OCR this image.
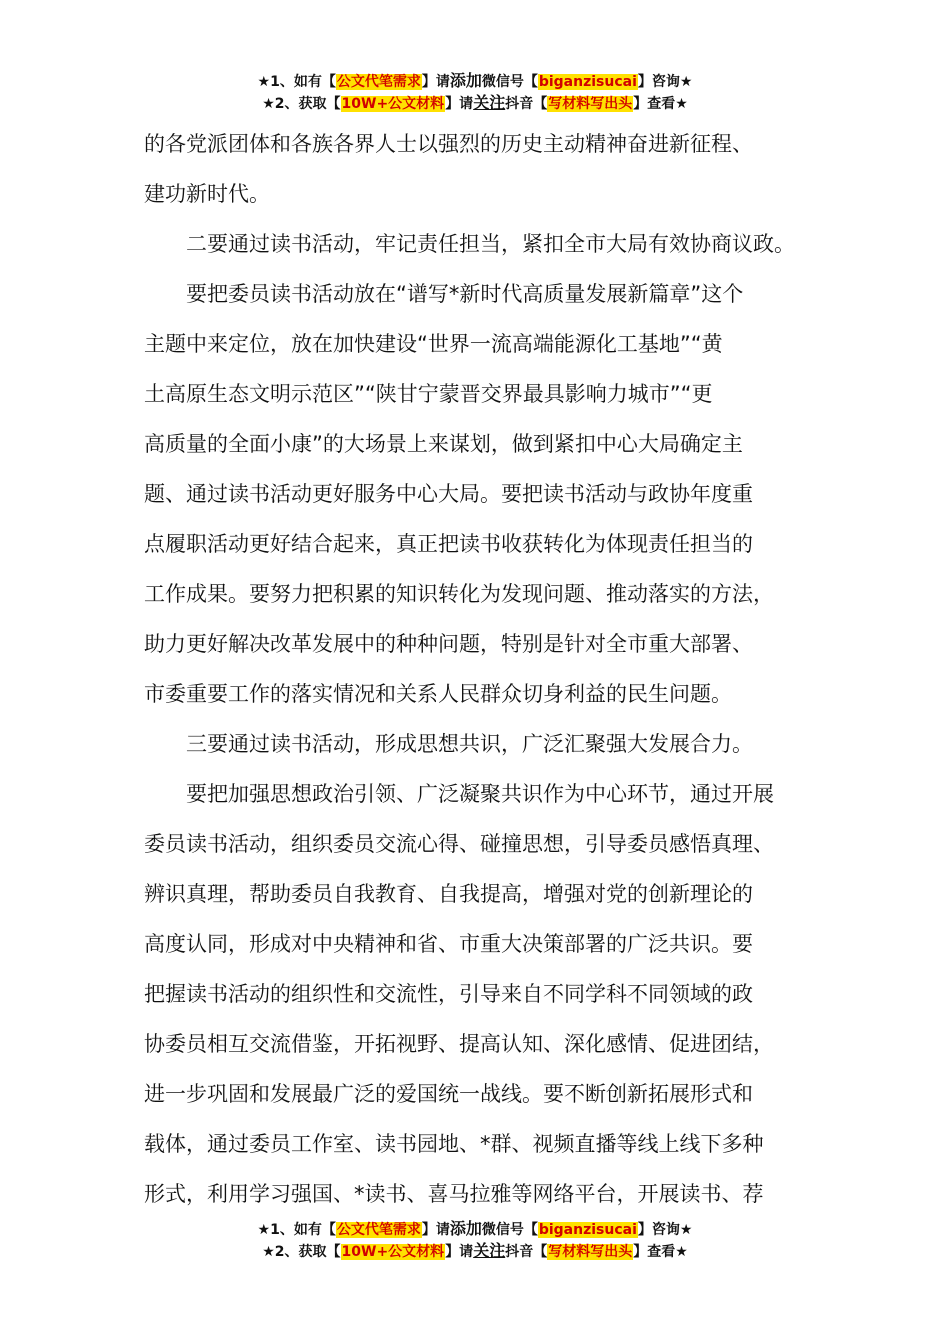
★1、如有【公文代笔需求】请添加微信号【biganzisucai】咨询★
★2、获取【10W+公文材料】请关注抖音【写材料写出头】查看★
的各党派团体和各族各界人士以强烈的历史主动精神奋进新征程、
建功新时代。
　　二要通过读书活动，牢记责任担当，紧扣全市大局有效协商议政。
　　要把委员读书活动放在“谱写*新时代高质量发展新篇章”这个
主题中来定位，放在加快建设“世界一流高端能源化工基地”“黄
土高原生态文明示范区”“陕甘宁蒙晋交界最具影响力城市”“更
高质量的全面小康”的大场景上来谋划，做到紧扣中心大局确定主
题、通过读书活动更好服务中心大局。要把读书活动与政协年度重
点履职活动更好结合起来，真正把读书收获转化为体现责任担当的
工作成果。要努力把积累的知识转化为发现问题、推动落实的方法，
助力更好解决改革发展中的种种问题，特别是针对全市重大部署、
市委重要工作的落实情况和关系人民群众切身利益的民生问题。
　　三要通过读书活动，形成思想共识，广泛汇聚强大发展合力。
　　要把加强思想政治引领、广泛凝聚共识作为中心环节，通过开展
委员读书活动，组织委员交流心得、碰撞思想，引导委员感悟真理、
辨识真理，帮助委员自我教育、自我提高，增强对党的创新理论的
高度认同，形成对中央精神和省、市重大决策部署的广泛共识。要
把握读书活动的组织性和交流性，引导来自不同学科不同领域的政
协委员相互交流借鉴，开拓视野、提高认知、深化感情、促进团结，
进一步巩固和发展最广泛的爱国统一战线。要不断创新拓展形式和
载体，通过委员工作室、读书园地、*群、视频直播等线上线下多种
形式，利用学习强国、*读书、喜马拉雅等网络平台，开展读书、荐
★1、如有【公文代笔需求】请添加微信号【biganzisucai】咨询★
★2、获取【10W+公文材料】请关注抖音【写材料写出头】查看★
